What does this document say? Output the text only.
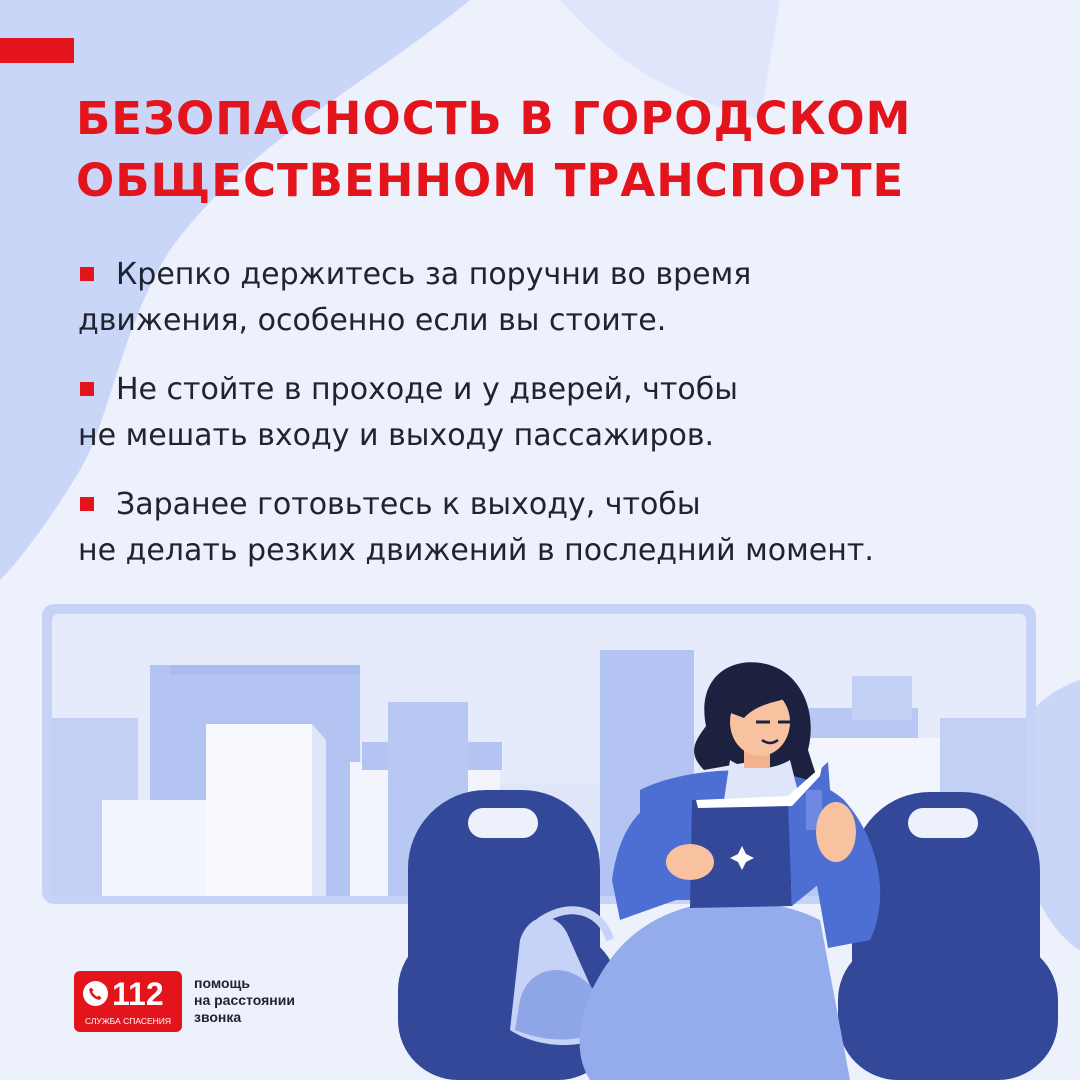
БЕЗОПАСНОСТЬ В ГОРОДСКОМ
ОБЩЕСТВЕННОМ ТРАНСПОРТЕ
Крепко держитесь за поручни во время
движения, особенно если вы стоите.
Не стойте в проходе и у дверей, чтобы
не мешать входу и выходу пассажиров.
Заранее готовьтесь к выходу, чтобы
не делать резких движений в последний момент.
112
СЛУЖБА СПАСЕНИЯ
помощь
на расстоянии
звонка
